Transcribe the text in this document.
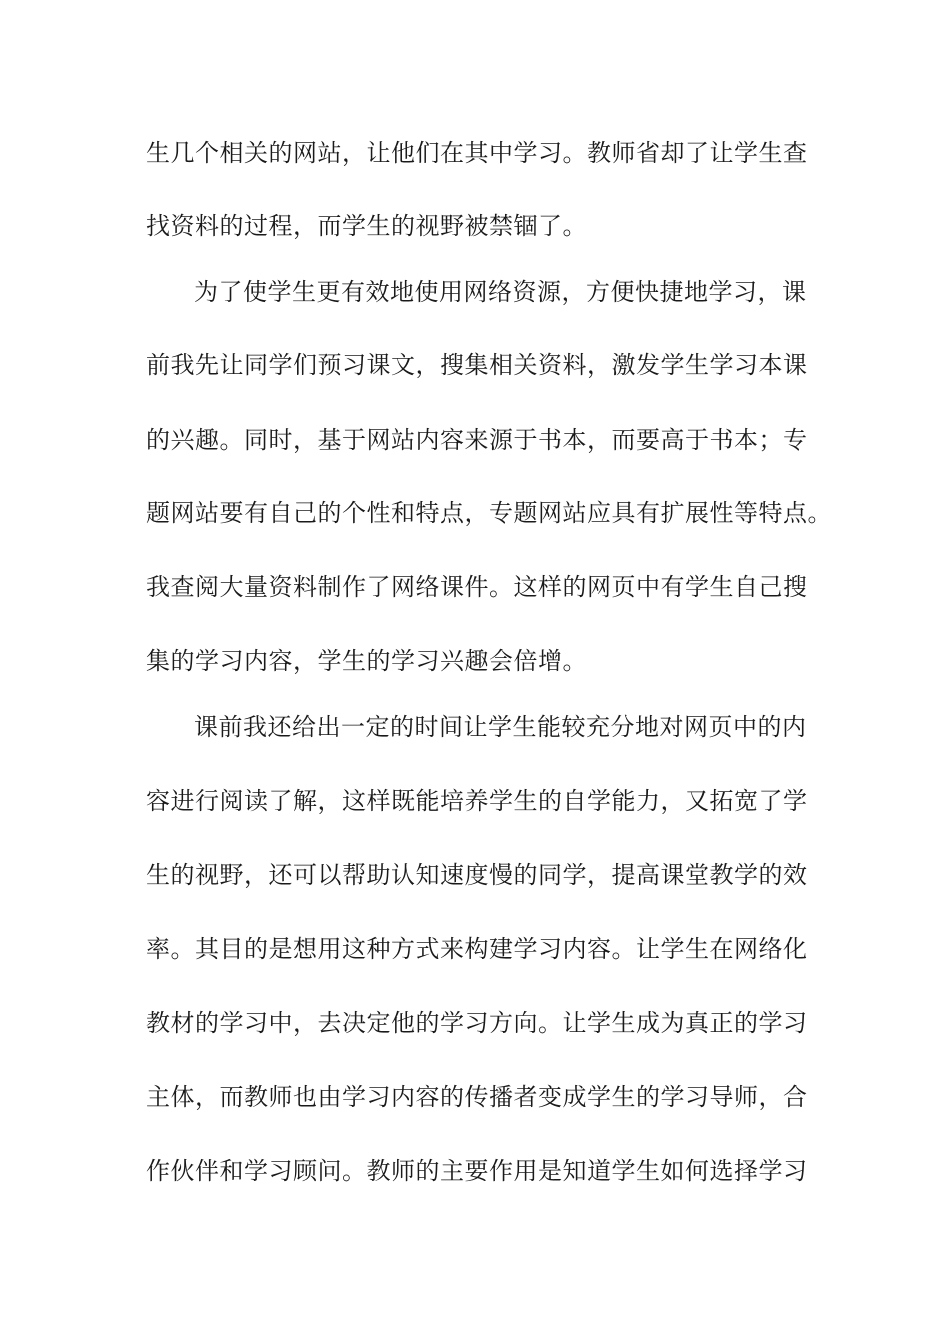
生几个相关的网站，让他们在其中学习。教师省却了让学生查
找资料的过程，而学生的视野被禁锢了。
为了使学生更有效地使用网络资源，方便快捷地学习，课
前我先让同学们预习课文，搜集相关资料，激发学生学习本课
的兴趣。同时，基于网站内容来源于书本，而要高于书本；专
题网站要有自己的个性和特点，专题网站应具有扩展性等特点。
我查阅大量资料制作了网络课件。这样的网页中有学生自己搜
集的学习内容，学生的学习兴趣会倍增。
课前我还给出一定的时间让学生能较充分地对网页中的内
容进行阅读了解，这样既能培养学生的自学能力，又拓宽了学
生的视野，还可以帮助认知速度慢的同学，提高课堂教学的效
率。其目的是想用这种方式来构建学习内容。让学生在网络化
教材的学习中，去决定他的学习方向。让学生成为真正的学习
主体，而教师也由学习内容的传播者变成学生的学习导师，合
作伙伴和学习顾问。教师的主要作用是知道学生如何选择学习
